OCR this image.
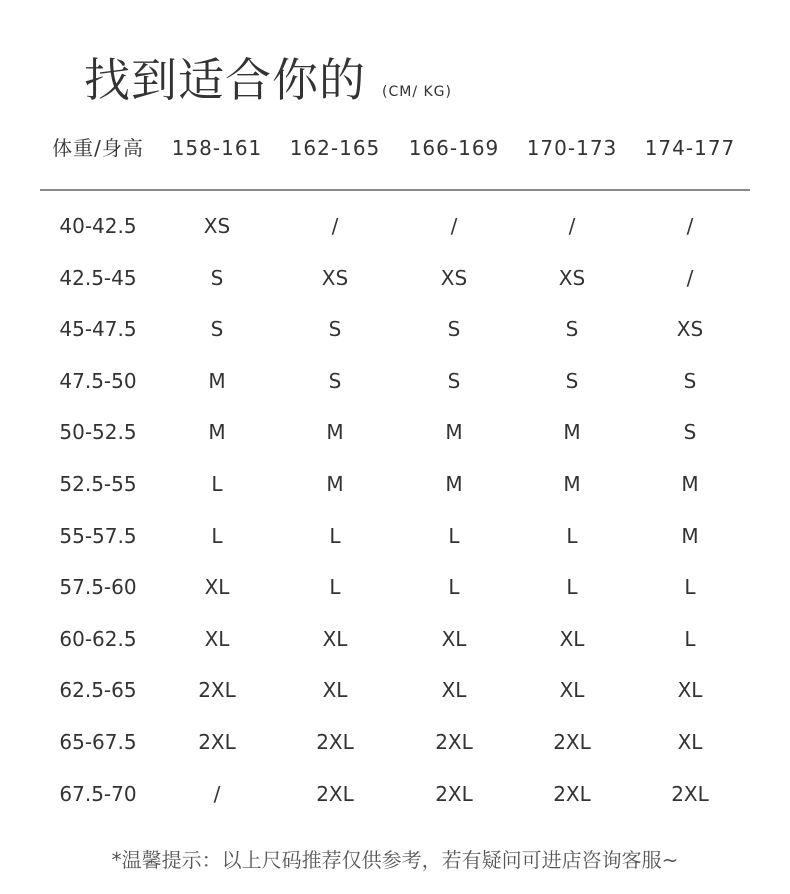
找到适合你的 (CM/ KG)
体重/身高	158-161	162-165	166-169	170-173	174-177
40-42.5	XS	/	/	/	/
42.5-45	S	XS	XS	XS	/
45-47.5	S	S	S	S	XS
47.5-50	M	S	S	S	S
50-52.5	M	M	M	M	S
52.5-55	L	M	M	M	M
55-57.5	L	L	L	L	M
57.5-60	XL	L	L	L	L
60-62.5	XL	XL	XL	XL	L
62.5-65	2XL	XL	XL	XL	XL
65-67.5	2XL	2XL	2XL	2XL	XL
67.5-70	/	2XL	2XL	2XL	2XL
*温馨提示：以上尺码推荐仅供参考，若有疑问可进店咨询客服~
